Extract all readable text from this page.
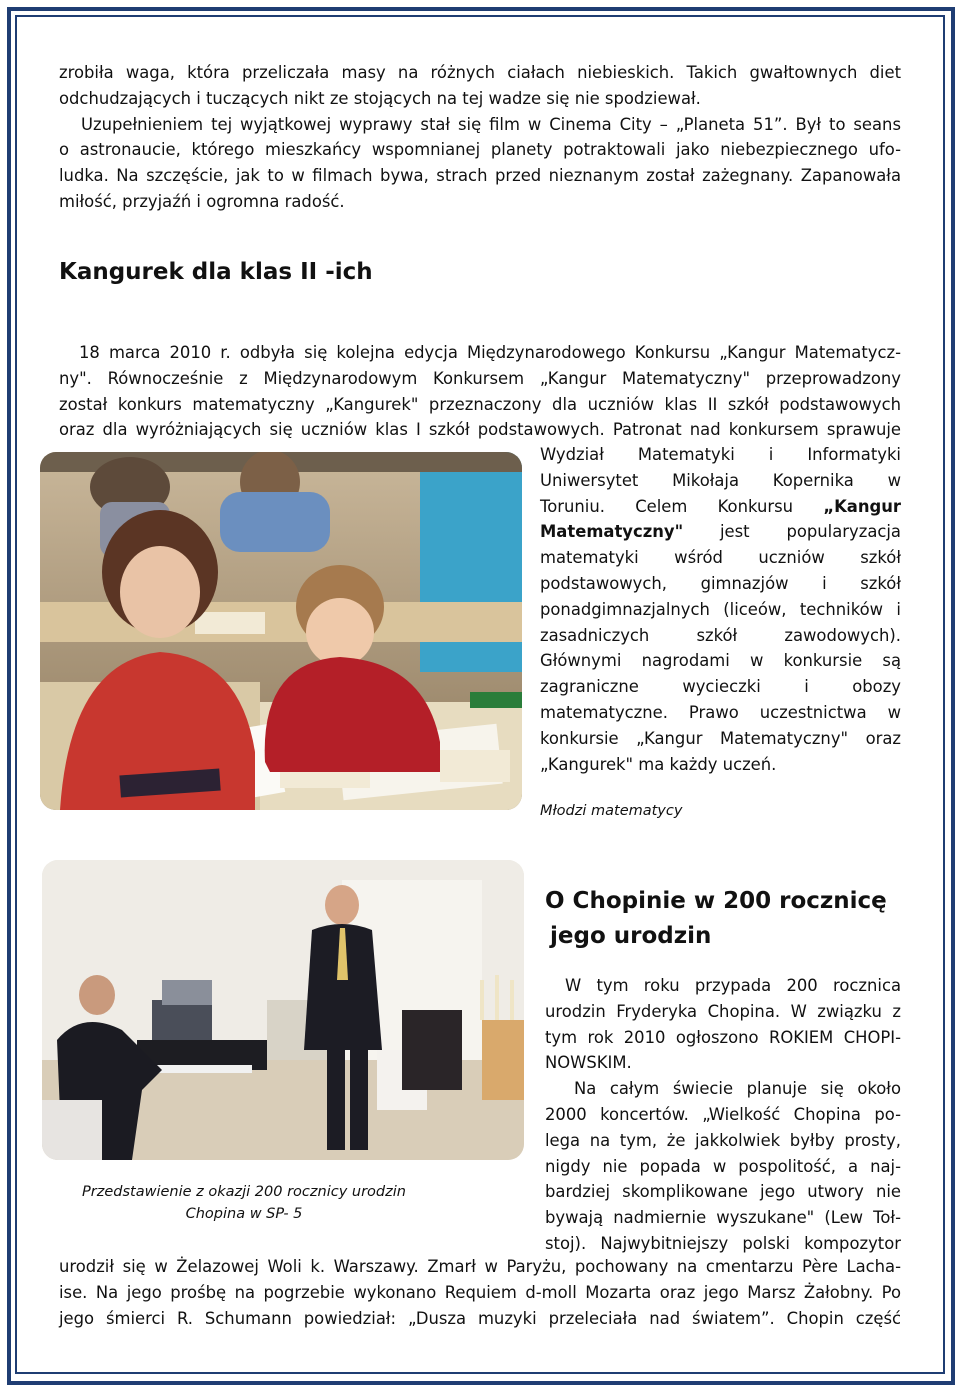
zrobiła waga, która przeliczała masy na różnych ciałach niebieskich. Takich gwałtownych diet
odchudzających i tuczących nikt ze stojących na tej wadze się nie spodziewał.
Uzupełnieniem tej wyjątkowej wyprawy stał się film w Cinema City – „Planeta 51”. Był to seans
o astronaucie, którego mieszkańcy wspomnianej planety potraktowali jako niebezpiecznego ufo-
ludka. Na szczęście, jak to w filmach bywa, strach przed nieznanym został zażegnany. Zapanowała
miłość, przyjaźń i ogromna radość.
Kangurek dla klas II -ich
18 marca 2010 r. odbyła się kolejna edycja Międzynarodowego Konkursu „Kangur Matematycz-
ny". Równocześnie z Międzynarodowym Konkursem „Kangur Matematyczny" przeprowadzony
został konkurs matematyczny „Kangurek" przeznaczony dla uczniów klas II szkół podstawowych
oraz dla wyróżniających się uczniów klas I szkół podstawowych. Patronat nad konkursem sprawuje
Wydział Matematyki i Informatyki
Uniwersytet Mikołaja Kopernika w
Toruniu. Celem Konkursu „Kangur
Matematyczny" jest popularyzacja
matematyki wśród uczniów szkół
podstawowych, gimnazjów i szkół
ponadgimnazjalnych (liceów, techników i
zasadniczych szkół zawodowych).
Głównymi nagrodami w konkursie są
zagraniczne wycieczki i obozy
matematyczne. Prawo uczestnictwa w
konkursie „Kangur Matematyczny" oraz
„Kangurek" ma każdy uczeń.
Młodzi matematycy
Przedstawienie z okazji 200 rocznicy urodzin
Chopina w SP- 5
O Chopinie w 200 rocznicę
jego urodzin
W tym roku przypada 200 rocznica
urodzin Fryderyka Chopina. W związku z
tym rok 2010 ogłoszono ROKIEM CHOPI-
NOWSKIM.
Na całym świecie planuje się około
2000 koncertów. „Wielkość Chopina po-
lega na tym, że jakkolwiek byłby prosty,
nigdy nie popada w pospolitość, a naj-
bardziej skomplikowane jego utwory nie
bywają nadmiernie wyszukane" (Lew Toł-
stoj). Najwybitniejszy polski kompozytor
urodził się w Żelazowej Woli k. Warszawy. Zmarł w Paryżu, pochowany na cmentarzu Père Lacha-
ise. Na jego prośbę na pogrzebie wykonano Requiem d-moll Mozarta oraz jego Marsz Żałobny. Po
jego śmierci R. Schumann powiedział: „Dusza muzyki przeleciała nad światem”. Chopin część
